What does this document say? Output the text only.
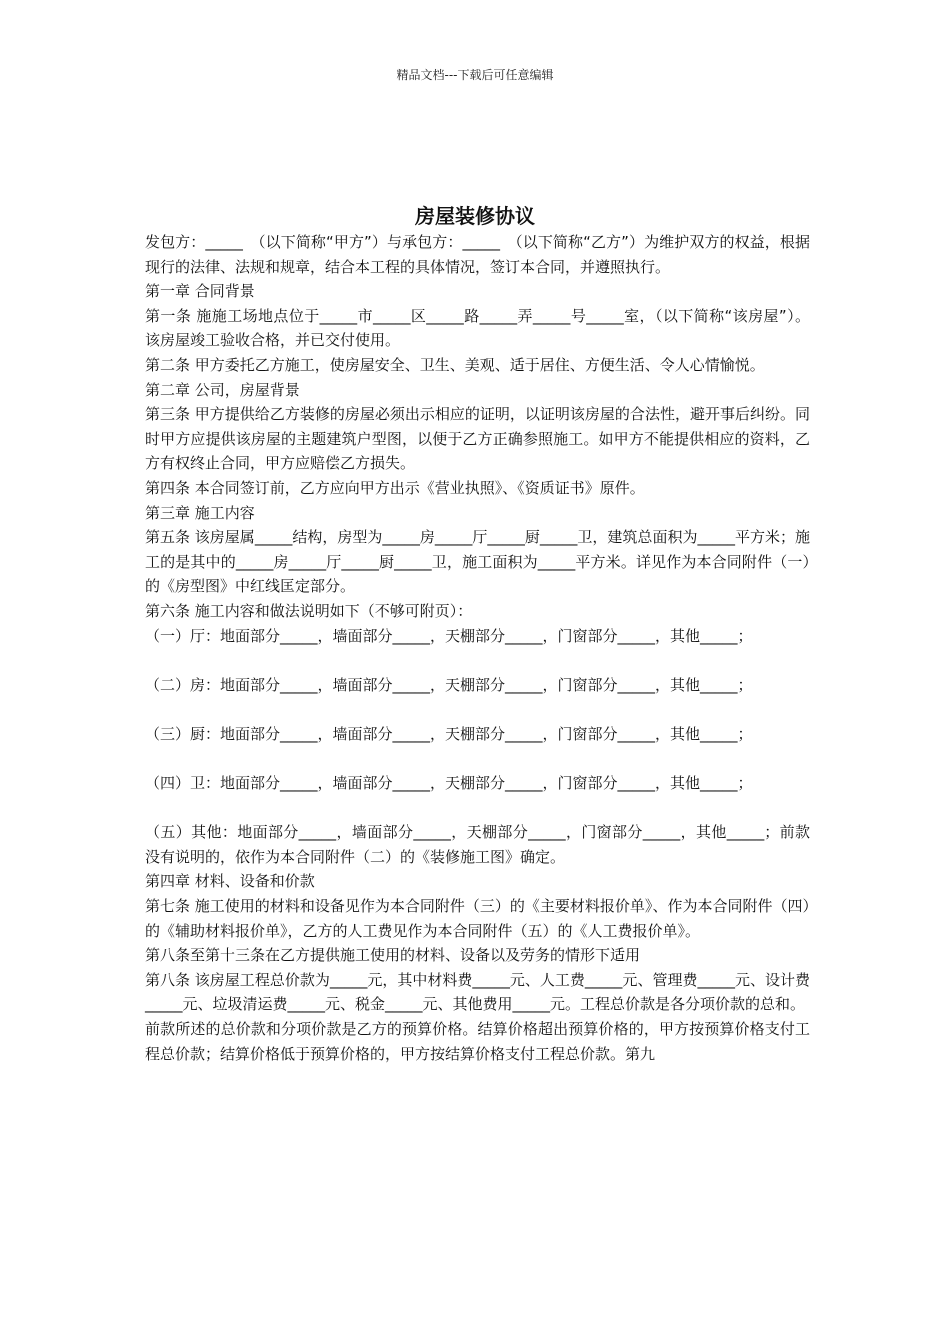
精品文档---下载后可任意编辑
房屋装修协议

发包方：_____　（以下简称“甲方”）与承包方：_____　（以下简称“乙方”）为维护双方的权益，根据现行的法律、法规和规章，结合本工程的具体情况，签订本合同，并遵照执行。

第一章 合同背景

第一条 施施工场地点位于_____市_____区_____路_____弄_____号_____室，（以下简称“该房屋”）。该房屋竣工验收合格，并已交付使用。

第二条 甲方委托乙方施工，使房屋安全、卫生、美观、适于居住、方便生活、令人心情愉悦。

第二章 公司，房屋背景

第三条 甲方提供给乙方装修的房屋必须出示相应的证明，以证明该房屋的合法性，避开事后纠纷。同时甲方应提供该房屋的主题建筑户型图，以便于乙方正确参照施工。如甲方不能提供相应的资料，乙方有权终止合同，甲方应赔偿乙方损失。

第四条 本合同签订前，乙方应向甲方出示《营业执照》、《资质证书》原件。

第三章 施工内容

第五条 该房屋属_____结构，房型为_____房_____厅_____厨_____卫，建筑总面积为_____平方米；施工的是其中的_____房_____厅_____厨_____卫，施工面积为_____平方米。详见作为本合同附件（一）的《房型图》中红线匡定部分。

第六条 施工内容和做法说明如下（不够可附页）：

（一）厅：地面部分_____，墙面部分_____，天棚部分_____，门窗部分_____，其他_____；

（二）房：地面部分_____，墙面部分_____，天棚部分_____，门窗部分_____，其他_____；

（三）厨：地面部分_____，墙面部分_____，天棚部分_____，门窗部分_____，其他_____；

（四）卫：地面部分_____，墙面部分_____，天棚部分_____，门窗部分_____，其他_____；

（五）其他：地面部分_____，墙面部分_____，天棚部分_____，门窗部分_____，其他_____；前款没有说明的，依作为本合同附件（二）的《装修施工图》确定。

第四章 材料、设备和价款

第七条 施工使用的材料和设备见作为本合同附件（三）的《主要材料报价单》、作为本合同附件（四）的《辅助材料报价单》，乙方的人工费见作为本合同附件（五）的《人工费报价单》。

第八条至第十三条在乙方提供施工使用的材料、设备以及劳务的情形下适用

第八条 该房屋工程总价款为_____元，其中材料费_____元、人工费_____元、管理费_____元、设计费_____元、垃圾清运费_____元、税金_____元、其他费用_____元。工程总价款是各分项价款的总和。

前款所述的总价款和分项价款是乙方的预算价格。结算价格超出预算价格的，甲方按预算价格支付工程总价款；结算价格低于预算价格的，甲方按结算价格支付工程总价款。第九
